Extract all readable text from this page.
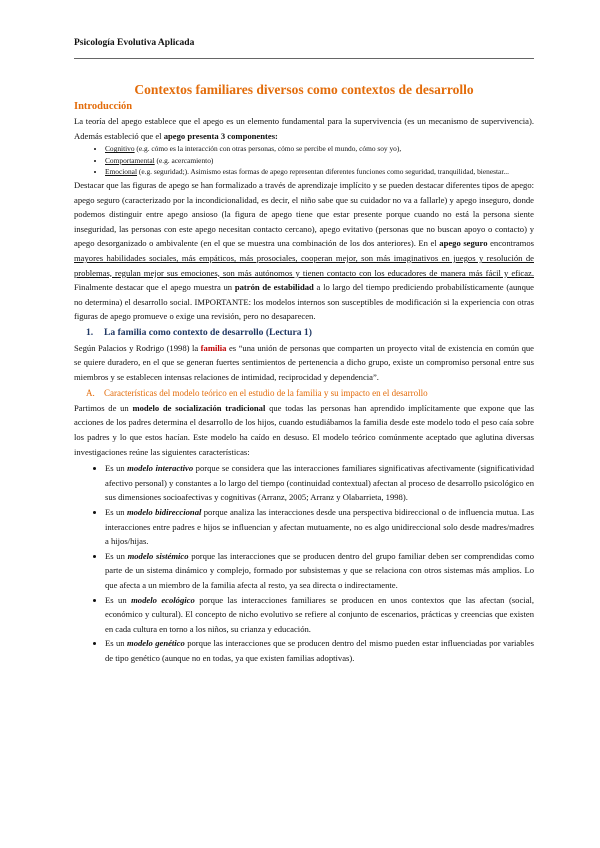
Psicología Evolutiva Aplicada
Contextos familiares diversos como contextos de desarrollo
Introducción

La teoría del apego establece que el apego es un elemento fundamental para la supervivencia (es un mecanismo de supervivencia). Además estableció que el apego presenta 3 componentes:

• Cognitivo (e.g. cómo es la interacción con otras personas, cómo se percibe el mundo, cómo soy yo),
• Comportamental (e.g. acercamiento)
• Emocional (e.g. seguridad;). Asimismo estas formas de apego representan diferentes funciones como seguridad, tranquilidad, bienestar...

Destacar que las figuras de apego se han formalizado a través de aprendizaje implícito y se pueden destacar diferentes tipos de apego: apego seguro (caracterizado por la incondicionalidad, es decir, el niño sabe que su cuidador no va a fallarle) y apego inseguro, donde podemos distinguir entre apego ansioso (la figura de apego tiene que estar presente porque cuando no está la persona siente inseguridad, las personas con este apego necesitan contacto cercano), apego evitativo (personas que no buscan apoyo o contacto) y apego desorganizado o ambivalente (en el que se muestra una combinación de los dos anteriores). En el apego seguro encontramos mayores habilidades sociales, más empáticos, más prosociales, cooperan mejor, son más imaginativos en juegos y resolución de problemas, regulan mejor sus emociones, son más autónomos y tienen contacto con los educadores de manera más fácil y eficaz. Finalmente destacar que el apego muestra un patrón de estabilidad a lo largo del tiempo prediciendo probabilísticamente (aunque no determina) el desarrollo social. IMPORTANTE: los modelos internos son susceptibles de modificación si la experiencia con otras figuras de apego promueve o exige una revisión, pero no desaparecen.

1. La familia como contexto de desarrollo (Lectura 1)

Según Palacios y Rodrigo (1998) la familia es “una unión de personas que comparten un proyecto vital de existencia en común que se quiere duradero, en el que se generan fuertes sentimientos de pertenencia a dicho grupo, existe un compromiso personal entre sus miembros y se establecen intensas relaciones de intimidad, reciprocidad y dependencia”.

A. Características del modelo teórico en el estudio de la familia y su impacto en el desarrollo

Partimos de un modelo de socialización tradicional que todas las personas han aprendido implícitamente que expone que las acciones de los padres determina el desarrollo de los hijos, cuando estudiábamos la familia desde este modelo todo el peso caía sobre los padres y lo que estos hacían. Este modelo ha caído en desuso. El modelo teórico comúnmente aceptado que aglutina diversas investigaciones reúne las siguientes características:

• Es un modelo interactivo porque se considera que las interacciones familiares significativas afectivamente (significatividad afectivo personal) y constantes a lo largo del tiempo (continuidad contextual) afectan al proceso de desarrollo psicológico en sus dimensiones socioafectivas y cognitivas (Arranz, 2005; Arranz y Olabarrieta, 1998).
• Es un modelo bidireccional porque analiza las interacciones desde una perspectiva bidireccional o de influencia mutua. Las interacciones entre padres e hijos se influencian y afectan mutuamente, no es algo unidireccional solo desde madres/madres a hijos/hijas.
• Es un modelo sistémico porque las interacciones que se producen dentro del grupo familiar deben ser comprendidas como parte de un sistema dinámico y complejo, formado por subsistemas y que se relaciona con otros sistemas más amplios. Lo que afecta a un miembro de la familia afecta al resto, ya sea directa o indirectamente.
• Es un modelo ecológico porque las interacciones familiares se producen en unos contextos que las afectan (social, económico y cultural). El concepto de nicho evolutivo se refiere al conjunto de escenarios, prácticas y creencias que existen en cada cultura en torno a los niños, su crianza y educación.
• Es un modelo genético porque las interacciones que se producen dentro del mismo pueden estar influenciadas por variables de tipo genético (aunque no en todas, ya que existen familias adoptivas).
